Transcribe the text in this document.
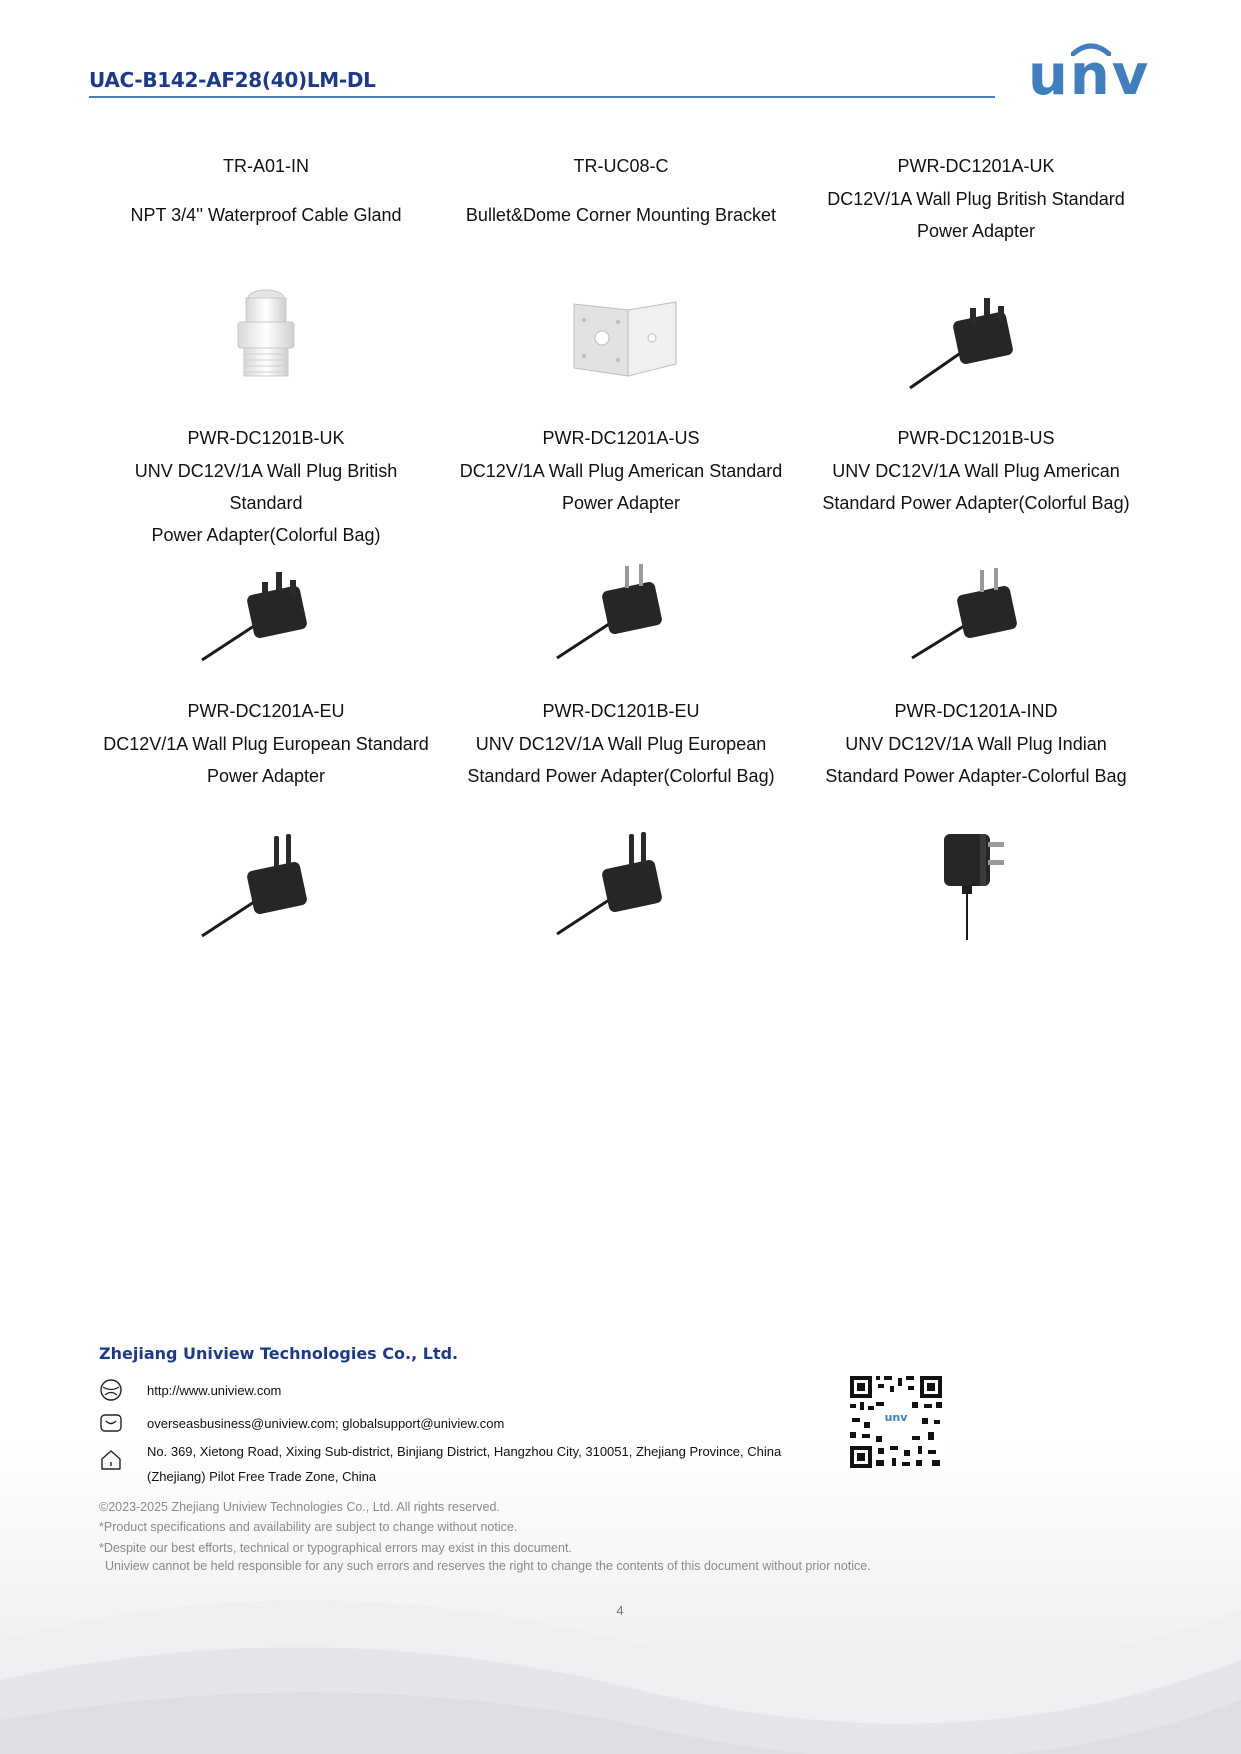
UAC-B142-AF28(40)LM-DL	unv
TR-A01-IN
NPT 3/4'' Waterproof Cable Gland
TR-UC08-C
Bullet&Dome Corner Mounting Bracket
PWR-DC1201A-UK
DC12V/1A Wall Plug British Standard
Power Adapter
PWR-DC1201B-UK
UNV DC12V/1A Wall Plug British Standard
Power Adapter(Colorful Bag)
PWR-DC1201A-US
DC12V/1A Wall Plug American Standard
Power Adapter
PWR-DC1201B-US
UNV DC12V/1A Wall Plug American
Standard Power Adapter(Colorful Bag)
PWR-DC1201A-EU
DC12V/1A Wall Plug European Standard
Power Adapter
PWR-DC1201B-EU
UNV DC12V/1A Wall Plug European
Standard Power Adapter(Colorful Bag)
PWR-DC1201A-IND
UNV DC12V/1A Wall Plug Indian
Standard Power Adapter-Colorful Bag
Zhejiang Uniview Technologies Co., Ltd.
http://www.uniview.com
overseasbusiness@uniview.com; globalsupport@uniview.com
No. 369, Xietong Road, Xixing Sub-district, Binjiang District, Hangzhou City, 310051, Zhejiang Province, China
(Zhejiang) Pilot Free Trade Zone, China
unv
©2023-2025 Zhejiang Uniview Technologies Co., Ltd. All rights reserved.
*Product specifications and availability are subject to change without notice.
*Despite our best efforts, technical or typographical errors may exist in this document.
Uniview cannot be held responsible for any such errors and reserves the right to change the contents of this document without prior notice.
4
